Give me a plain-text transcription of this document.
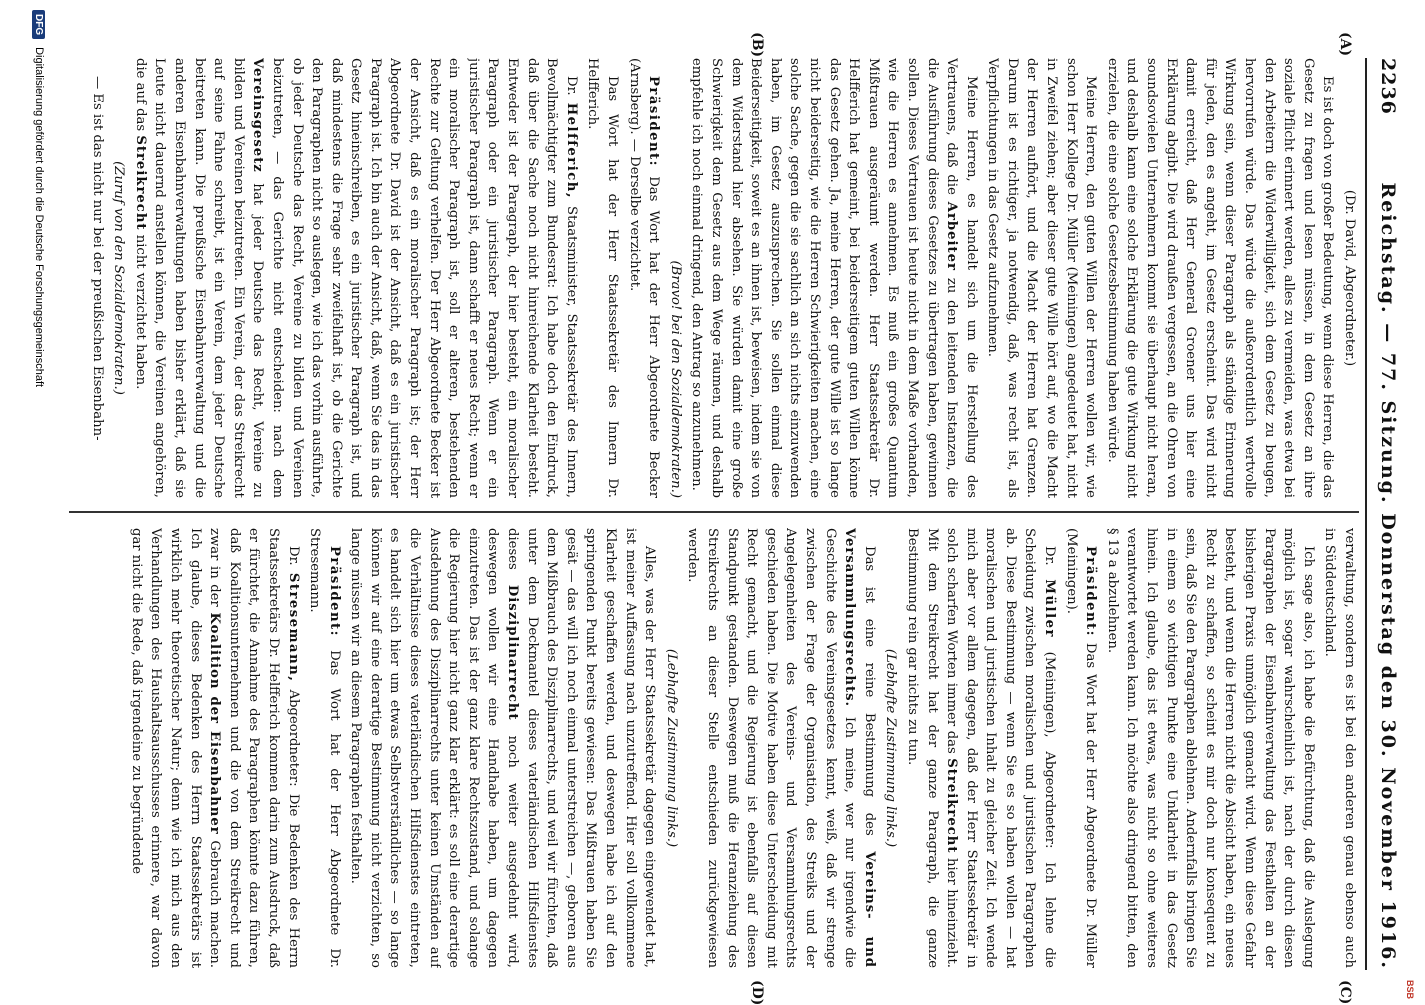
2236
Reichstag. — 77. Sitzung. Donnerstag den 30. November 1916.
(A)
(B)
(C)
(D)

(Dr. David, Abgeordneter.)

Es ist doch von großer Bedeutung, wenn diese Herren, die das Gesetz zu fragen und lesen müssen, in dem Gesetz an ihre soziale Pflicht erinnert werden, alles zu vermeiden, was etwa bei den Arbeitern die Widerwilligkeit, sich dem Gesetz zu beugen, hervorrufen würde. Das würde die außerordentlich wertvolle Wirkung sein, wenn dieser Paragraph als ständige Erinnerung für jeden, den es angeht, im Gesetz erscheint. Das wird nicht damit erreicht, daß Herr General Groener uns hier eine Erklärung abgibt. Die wird draußen vergessen, an die Ohren von soundsovielen Unternehmern kommt sie überhaupt nicht heran, und deshalb kann eine solche Erklärung die gute Wirkung nicht erzielen, die eine solche Gesetzesbestimmung haben würde.

Meine Herren, den guten Willen der Herren wollen wir, wie schon Herr Kollege Dr. Müller (Meiningen) angedeutet hat, nicht in Zweifel ziehen; aber dieser gute Wille hört auf, wo die Macht der Herren aufhört, und die Macht der Herren hat Grenzen. Darum ist es richtiger, ja notwendig, daß, was recht ist, als Verpflichtungen in das Gesetz aufzunehmen.

Meine Herren, es handelt sich um die Herstellung des Vertrauens, daß die Arbeiter zu den leitenden Instanzen, die die Ausführung dieses Gesetzes zu übertragen haben, gewinnen sollen. Dieses Vertrauen ist heute nicht in dem Maße vorhanden, wie die Herren es annehmen. Es muß ein großes Quantum Mißtrauen ausgeräumt werden. Herr Staatssekretär Dr. Helfferich hat gemeint, bei beiderseitigem guten Willen könne das Gesetz gehen. Ja, meine Herren, der gute Wille ist so lange nicht beiderseitig, wie die Herren Schwierigkeiten machen, eine solche Sache, gegen die sie sachlich an sich nichts einzuwenden haben, im Gesetz auszusprechen. Sie sollen einmal diese Beiderseitigkeit, soweit es an ihnen ist, beweisen, indem sie von dem Widerstand hier absehen. Sie würden damit eine große Schwierigkeit dem Gesetz aus dem Wege räumen, und deshalb empfehle ich noch einmal dringend, den Antrag so anzunehmen.

(Bravo! bei den Sozialdemokraten.)

Präsident: Das Wort hat der Herr Abgeordnete Becker (Arnsberg). — Derselbe verzichtet.

Das Wort hat der Herr Staatssekretär des Innern Dr. Helfferich.

Dr. Helfferich, Staatsminister, Staatssekretär des Innern, Bevollmächtigter zum Bundesrat: Ich habe doch den Eindruck, daß über die Sache noch nicht hinreichende Klarheit besteht. Entweder ist der Paragraph, der hier besteht, ein moralischer Paragraph oder ein juristischer Paragraph. Wenn er ein juristischer Paragraph ist, dann schafft er neues Recht; wenn er ein moralischer Paragraph ist, soll er alteren, bestehenden Rechte zur Geltung verhelfen. Der Herr Abgeordnete Becker ist der Ansicht, daß es ein moralischer Paragraph ist; der Herr Abgeordnete Dr. David ist der Ansicht, daß es ein juristischer Paragraph ist. Ich bin auch der Ansicht, daß, wenn Sie das in das Gesetz hineinschreiben, es ein juristischer Paragraph ist, und daß mindestens die Frage sehr zweifelhaft ist, ob die Gerichte den Paragraphen nicht so auslegen, wie ich das vorhin ausführte, ob jeder Deutsche das Recht, Vereine zu bilden und Vereinen beizutreten, — das Gerichte nicht entscheiden: nach dem Vereinsgesetz hat jeder Deutsche das Recht, Vereine zu bilden und Vereinen beizutreten. Ein Verein, der das Streikrecht auf seine Fahne schreibt, ist ein Verein, dem jeder Deutsche beitreten kann. Die preußische Eisenbahnverwaltung und die anderen Eisenbahnverwaltungen haben bisher erklärt, daß sie Leute nicht dauernd anstellen können, die Vereinen angehören, die auf das Streikrecht nicht verzichtet haben.

(Zuruf von den Sozialdemokraten.)

— Es ist das nicht nur bei der preußischen Eisenbahn-

verwaltung, sondern es ist bei den anderen genau ebenso auch in Süddeutschland.

Ich sage also, ich habe die Befürchtung, daß die Auslegung möglich ist, sogar wahrscheinlich ist, nach der durch diesen Paragraphen der Eisenbahnverwaltung das Festhalten an der bisherigen Praxis unmöglich gemacht wird. Wenn diese Gefahr besteht, und wenn die Herren nicht die Absicht haben, ein neues Recht zu schaffen, so scheint es mir doch nur konsequent zu sein, daß Sie den Paragraphen ablehnen. Andernfalls bringen Sie in einem so wichtigen Punkte eine Unklarheit in das Gesetz hinein. Ich glaube, das ist etwas, was nicht so ohne weiteres verantwortet werden kann. Ich möchte also dringend bitten, den § 13 a abzulehnen.

Präsident: Das Wort hat der Herr Abgeordnete Dr. Müller (Meiningen).

Dr. Müller (Meiningen), Abgeordneter: Ich lehne die Scheidung zwischen moralischen und juristischen Paragraphen ab. Diese Bestimmung — wenn Sie es so haben wollen — hat moralischen und juristischen Inhalt zu gleicher Zeit. Ich wende mich aber vor allem dagegen, daß der Herr Staatssekretär in solch scharfen Worten immer das Streikrecht hier hineinzieht. Mit dem Streikrecht hat der ganze Paragraph, die ganze Bestimmung rein gar nichts zu tun.

(Lebhafte Zustimmung links.)

Das ist eine reine Bestimmung des Vereins- und Versammlungsrechts. Ich meine, wer nur irgendwie die Geschichte des Vereinsgesetzes kennt, weiß, daß wir strenge zwischen der Frage der Organisation, des Streiks und der Angelegenheiten des Vereins- und Versammlungsrechts geschieden haben. Die Motive haben diese Unterscheidung mit Recht gemacht, und die Regierung ist ebenfalls auf diesen Standpunkt gestanden. Deswegen muß die Heranziehung des Streikrechts an dieser Stelle entschieden zurückgewiesen werden.

(Lebhafte Zustimmung links.)

Alles, was der Herr Staatssekretär dagegen eingewendet hat, ist meiner Auffassung nach unzutreffend. Hier soll vollkommene Klarheit geschaffen werden, und deswegen habe ich auf den springenden Punkt bereits gewiesen: Das Mißtrauen haben Sie gesät — das will ich noch einmal unterstreichen —, geboren aus dem Mißbrauch des Disziplinarrechts, und weil wir fürchten, daß unter dem Deckmantel dieses vaterländischen Hilfsdienstes dieses Disziplinarrecht noch weiter ausgedehnt wird, deswegen wollen wir eine Handhabe haben, um dagegen einzutreten. Das ist der ganz klare Rechtszustand, und solange die Regierung hier nicht ganz klar erklärt: es soll eine derartige Ausdehnung des Disziplinarrechts unter keinen Umständen auf die Verhältnisse dieses vaterländischen Hilfsdienstes eintreten, es handelt sich hier um etwas Selbstverständliches — so lange können wir auf eine derartige Bestimmung nicht verzichten, so lange müssen wir an diesem Paragraphen festhalten.

Präsident: Das Wort hat der Herr Abgeordnete Dr. Stresemann.

Dr. Stresemann, Abgeordneter: Die Bedenken des Herrn Staatssekretärs Dr. Helfferich kommen darin zum Ausdruck, daß er fürchtet, die Annahme des Paragraphen könnte dazu führen, daß Koalitionsunternehmen und die von dem Streikrecht und zwar in der Koalition der Eisenbahner Gebrauch machen. Ich glaube, dieses Bedenken des Herrn Staatssekretärs ist wirklich mehr theoretischer Natur; denn wie ich mich aus den Verhandlungen des Haushaltsausschusses erinnere, war davon gar nicht die Rede, daß irgendeine zu begründende

DFG
Digitalisierung gefördert durch die Deutsche Forschungsgemeinschaft
BSB
